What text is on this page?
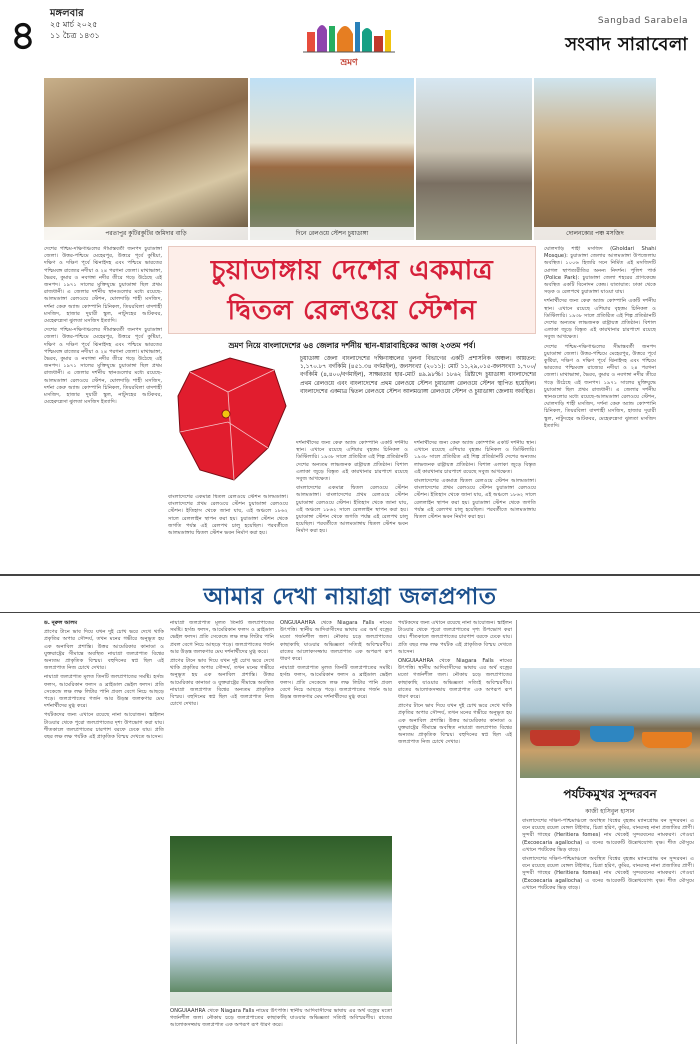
৪ মঙ্গলবার
২৫ মার্চ ২০২৫
১১ চৈত্র ১৪৩১
ভ্রমণ
Sangbad Sarabela
সংবাদ সারাবেলা
পরতাপুর কুটিরকুটির জমিদার বাড়ি	দিনে রেলওয়ে স্টেশন চুয়াডাঙ্গা	দোলনকোর পঞ্চ মসজিদ

দেশের পশ্চিম-দক্ষিণাঞ্চলের সীমান্তবর্তী জনপদ চুয়াডাঙ্গা জেলা। উত্তর-পশ্চিমে মেহেরপুর, উত্তরে পূর্বে কুষ্টিয়া, দক্ষিণ ও দক্ষিণ পূর্বে ঝিনাইদহ এবং পশ্চিমে ভারতের পশ্চিমবঙ্গ রাজ্যের নদীয়া ও ২৪ পরগনা জেলা। মাথাভাঙ্গা, ভৈরব, কুমার ও নবগঙ্গা নদীর তীরে গড়ে উঠেছে এই জনপদ। ১৯৭১ সালের মুক্তিযুদ্ধে চুয়াডাঙ্গা ছিল প্রথম রাজধানী। এ জেলার দর্শনীয় স্থানগুলোর মধ্যে রয়েছে-আলমডাঙ্গা রেলওয়ে স্টেশন, ঘোলদাড়ি শাহী মসজিদ, দর্শনা কেরু অ্যান্ড কোম্পানি চিনিকল, তিয়রবিলা বাদশাহী মসজিদ, হাজার দুয়ারী স্কুল, নাটুদহের আটকবর, মেহেরুন্নেসা ঝুলতা মসজিদ ইত্যাদি।

দেশের পশ্চিম-দক্ষিণাঞ্চলের সীমান্তবর্তী জনপদ চুয়াডাঙ্গা জেলা। উত্তর-পশ্চিমে মেহেরপুর, উত্তরে পূর্বে কুষ্টিয়া, দক্ষিণ ও দক্ষিণ পূর্বে ঝিনাইদহ এবং পশ্চিমে ভারতের পশ্চিমবঙ্গ রাজ্যের নদীয়া ও ২৪ পরগনা জেলা। মাথাভাঙ্গা, ভৈরব, কুমার ও নবগঙ্গা নদীর তীরে গড়ে উঠেছে এই জনপদ। ১৯৭১ সালের মুক্তিযুদ্ধে চুয়াডাঙ্গা ছিল প্রথম রাজধানী। এ জেলার দর্শনীয় স্থানগুলোর মধ্যে রয়েছে-আলমডাঙ্গা রেলওয়ে স্টেশন, ঘোলদাড়ি শাহী মসজিদ, দর্শনা কেরু অ্যান্ড কোম্পানি চিনিকল, তিয়রবিলা বাদশাহী মসজিদ, হাজার দুয়ারী স্কুল, নাটুদহের আটকবর, মেহেরুন্নেসা ঝুলতা মসজিদ ইত্যাদি।

চুয়াডাঙ্গায় দেশের একমাত্র
দ্বিতল রেলওয়ে স্টেশন
ভ্রমণ নিয়ে বাংলাদেশের ৬৪ জেলার দর্শনীয় স্থান-ধারাবাহিকের আজ ২৩তম পর্ব।
চুয়াডাঙ্গা জেলা বাংলাদেশের দক্ষিণাঞ্চলের খুলনা বিভাগের একটি প্রশাসনিক অঞ্চল। আয়তন: ১,১৭০.৮৭ বর্গকিমি (৪৫১.৩৪ বর্গমাইল), জনসংখ্যা (২০১১): মোট ১১,২৯,০১৫-জনসংখ্যা ১,৭০০/বর্গকিমি (৪,৪০০/বর্গমাইল), সাক্ষরতার হার-মোট ৪৯.৯৮%। ১৮৬২ খ্রিষ্টাব্দে চুয়াডাঙ্গা বাংলাদেশের প্রথম রেলওয়ে এবং বাংলাদেশের প্রথম রেলওয়ে স্টেশন চুয়াডাঙ্গা রেলওয়ে স্টেশন স্থাপিত হয়েছিল। বাংলাদেশের একমাত্র দ্বিতল রেলওয়ে স্টেশন আলমডাঙ্গা রেলওয়ে স্টেশন ও চুয়াডাঙ্গা জেলায় অবস্থিত।

বাংলাদেশের একমাত্র দ্বিতল রেলওয়ে স্টেশন আলমডাঙ্গা। বাংলাদেশের প্রথম রেলওয়ে স্টেশন চুয়াডাঙ্গা রেলওয়ে স্টেশন। ইতিহাস থেকে জানা যায়, এই অঞ্চলে ১৮৬২ সালে রেললাইন স্থাপন করা হয়। চুয়াডাঙ্গা স্টেশন থেকে জগতি পর্যন্ত এই রেলপথ চালু হয়েছিল। পরবর্তীতে আলমডাঙ্গায় দ্বিতল স্টেশন ভবন নির্মাণ করা হয়।

দর্শনার্থীদের জন্য কেরু অ্যান্ড কোম্পানি একটি দর্শনীয় স্থান। এখানে রয়েছে এশিয়ার বৃহত্তম চিনিকল ও ডিস্টিলারি। ১৯৩৮ সালে প্রতিষ্ঠিত এই শিল্প প্রতিষ্ঠানটি দেশের অন্যতম লাভজনক রাষ্ট্রায়ত্ত প্রতিষ্ঠান। বিশাল এলাকা জুড়ে বিস্তৃত এই কারখানার চারপাশে রয়েছে সবুজ আখক্ষেত।

বাংলাদেশের একমাত্র দ্বিতল রেলওয়ে স্টেশন আলমডাঙ্গা। বাংলাদেশের প্রথম রেলওয়ে স্টেশন চুয়াডাঙ্গা রেলওয়ে স্টেশন। ইতিহাস থেকে জানা যায়, এই অঞ্চলে ১৮৬২ সালে রেললাইন স্থাপন করা হয়। চুয়াডাঙ্গা স্টেশন থেকে জগতি পর্যন্ত এই রেলপথ চালু হয়েছিল। পরবর্তীতে আলমডাঙ্গায় দ্বিতল স্টেশন ভবন নির্মাণ করা হয়।

দর্শনার্থীদের জন্য কেরু অ্যান্ড কোম্পানি একটি দর্শনীয় স্থান। এখানে রয়েছে এশিয়ার বৃহত্তম চিনিকল ও ডিস্টিলারি। ১৯৩৮ সালে প্রতিষ্ঠিত এই শিল্প প্রতিষ্ঠানটি দেশের অন্যতম লাভজনক রাষ্ট্রায়ত্ত প্রতিষ্ঠান। বিশাল এলাকা জুড়ে বিস্তৃত এই কারখানার চারপাশে রয়েছে সবুজ আখক্ষেত।

বাংলাদেশের একমাত্র দ্বিতল রেলওয়ে স্টেশন আলমডাঙ্গা। বাংলাদেশের প্রথম রেলওয়ে স্টেশন চুয়াডাঙ্গা রেলওয়ে স্টেশন। ইতিহাস থেকে জানা যায়, এই অঞ্চলে ১৮৬২ সালে রেললাইন স্থাপন করা হয়। চুয়াডাঙ্গা স্টেশন থেকে জগতি পর্যন্ত এই রেলপথ চালু হয়েছিল। পরবর্তীতে আলমডাঙ্গায় দ্বিতল স্টেশন ভবন নির্মাণ করা হয়।

ঘোলদাড়ি শাহী মসজিদ (Gholdari Shahi Mosque): চুয়াডাঙ্গা জেলার আলমডাঙ্গা উপজেলায় অবস্থিত। ১০০৬ হিজরি সনে নির্মিত এই মসজিদটি মোগল স্থাপত্যরীতির অনন্য নিদর্শন। পুলিশ পার্ক (Police Park): চুয়াডাঙ্গা জেলা শহরের প্রাণকেন্দ্রে অবস্থিত একটি বিনোদন কেন্দ্র। যাতায়াত: ঢাকা থেকে সড়ক ও রেলপথে চুয়াডাঙ্গা যাওয়া যায়।

দর্শনার্থীদের জন্য কেরু অ্যান্ড কোম্পানি একটি দর্শনীয় স্থান। এখানে রয়েছে এশিয়ার বৃহত্তম চিনিকল ও ডিস্টিলারি। ১৯৩৮ সালে প্রতিষ্ঠিত এই শিল্প প্রতিষ্ঠানটি দেশের অন্যতম লাভজনক রাষ্ট্রায়ত্ত প্রতিষ্ঠান। বিশাল এলাকা জুড়ে বিস্তৃত এই কারখানার চারপাশে রয়েছে সবুজ আখক্ষেত।

দেশের পশ্চিম-দক্ষিণাঞ্চলের সীমান্তবর্তী জনপদ চুয়াডাঙ্গা জেলা। উত্তর-পশ্চিমে মেহেরপুর, উত্তরে পূর্বে কুষ্টিয়া, দক্ষিণ ও দক্ষিণ পূর্বে ঝিনাইদহ এবং পশ্চিমে ভারতের পশ্চিমবঙ্গ রাজ্যের নদীয়া ও ২৪ পরগনা জেলা। মাথাভাঙ্গা, ভৈরব, কুমার ও নবগঙ্গা নদীর তীরে গড়ে উঠেছে এই জনপদ। ১৯৭১ সালের মুক্তিযুদ্ধে চুয়াডাঙ্গা ছিল প্রথম রাজধানী। এ জেলার দর্শনীয় স্থানগুলোর মধ্যে রয়েছে-আলমডাঙ্গা রেলওয়ে স্টেশন, ঘোলদাড়ি শাহী মসজিদ, দর্শনা কেরু অ্যান্ড কোম্পানি চিনিকল, তিয়রবিলা বাদশাহী মসজিদ, হাজার দুয়ারী স্কুল, নাটুদহের আটকবর, মেহেরুন্নেসা ঝুলতা মসজিদ ইত্যাদি।

আমার দেখা নায়াগ্রা জলপ্রপাত

ড. নূরুল আলম

প্রাণের টানে ভাব দিয়ে যখন দুই চোখ ভরে দেখে থাকি প্রকৃতির অপার সৌন্দর্য, তখন মনের গভীরে অনুভূত হয় এক অনাবিল প্রশান্তি। উত্তর আমেরিকার কানাডা ও যুক্তরাষ্ট্রের সীমান্তে অবস্থিত নায়াগ্রা জলপ্রপাত বিশ্বের অন্যতম প্রাকৃতিক বিস্ময়। বহুদিনের স্বপ্ন ছিল এই জলপ্রপাত নিজ চোখে দেখার।

নায়াগ্রা জলপ্রপাত মূলত তিনটি জলপ্রপাতের সমষ্টি। হর্সশু ফলস, আমেরিকান ফলস ও ব্রাইডাল ভেইল ফলস। প্রতি সেকেন্ডে লক্ষ লক্ষ লিটার পানি প্রবল বেগে নিচে আছড়ে পড়ে। জলপ্রপাতের গর্জন আর উড়ন্ত জলকণার মেঘ দর্শনার্থীদের মুগ্ধ করে।

পর্যটকদের জন্য এখানে রয়েছে নানা আয়োজন। স্কাইলন টাওয়ার থেকে পুরো জলপ্রপাতের দৃশ্য উপভোগ করা যায়। শীতকালে জলপ্রপাতের চারপাশ বরফে ঢেকে যায়। প্রতি বছর লক্ষ লক্ষ পর্যটক এই প্রাকৃতিক বিস্ময় দেখতে আসেন।

নায়াগ্রা জলপ্রপাত মূলত তিনটি জলপ্রপাতের সমষ্টি। হর্সশু ফলস, আমেরিকান ফলস ও ব্রাইডাল ভেইল ফলস। প্রতি সেকেন্ডে লক্ষ লক্ষ লিটার পানি প্রবল বেগে নিচে আছড়ে পড়ে। জলপ্রপাতের গর্জন আর উড়ন্ত জলকণার মেঘ দর্শনার্থীদের মুগ্ধ করে।

প্রাণের টানে ভাব দিয়ে যখন দুই চোখ ভরে দেখে থাকি প্রকৃতির অপার সৌন্দর্য, তখন মনের গভীরে অনুভূত হয় এক অনাবিল প্রশান্তি। উত্তর আমেরিকার কানাডা ও যুক্তরাষ্ট্রের সীমান্তে অবস্থিত নায়াগ্রা জলপ্রপাত বিশ্বের অন্যতম প্রাকৃতিক বিস্ময়। বহুদিনের স্বপ্ন ছিল এই জলপ্রপাত নিজ চোখে দেখার।

ONGUIAAHRA থেকে Niagara Falls নামের উৎপত্তি। স্থানীয় আদিবাসীদের ভাষায় এর অর্থ বজ্রের মতো গর্জনশীল জল। নৌকায় চড়ে জলপ্রপাতের কাছাকাছি যাওয়ার অভিজ্ঞতা সত্যিই অবিস্মরণীয়। রাতের আলোকসজ্জায় জলপ্রপাত এক অপরূপ রূপ ধারণ করে।

নায়াগ্রা জলপ্রপাত মূলত তিনটি জলপ্রপাতের সমষ্টি। হর্সশু ফলস, আমেরিকান ফলস ও ব্রাইডাল ভেইল ফলস। প্রতি সেকেন্ডে লক্ষ লক্ষ লিটার পানি প্রবল বেগে নিচে আছড়ে পড়ে। জলপ্রপাতের গর্জন আর উড়ন্ত জলকণার মেঘ দর্শনার্থীদের মুগ্ধ করে।

পর্যটকদের জন্য এখানে রয়েছে নানা আয়োজন। স্কাইলন টাওয়ার থেকে পুরো জলপ্রপাতের দৃশ্য উপভোগ করা যায়। শীতকালে জলপ্রপাতের চারপাশ বরফে ঢেকে যায়। প্রতি বছর লক্ষ লক্ষ পর্যটক এই প্রাকৃতিক বিস্ময় দেখতে আসেন।

ONGUIAAHRA থেকে Niagara Falls নামের উৎপত্তি। স্থানীয় আদিবাসীদের ভাষায় এর অর্থ বজ্রের মতো গর্জনশীল জল। নৌকায় চড়ে জলপ্রপাতের কাছাকাছি যাওয়ার অভিজ্ঞতা সত্যিই অবিস্মরণীয়। রাতের আলোকসজ্জায় জলপ্রপাত এক অপরূপ রূপ ধারণ করে।

প্রাণের টানে ভাব দিয়ে যখন দুই চোখ ভরে দেখে থাকি প্রকৃতির অপার সৌন্দর্য, তখন মনের গভীরে অনুভূত হয় এক অনাবিল প্রশান্তি। উত্তর আমেরিকার কানাডা ও যুক্তরাষ্ট্রের সীমান্তে অবস্থিত নায়াগ্রা জলপ্রপাত বিশ্বের অন্যতম প্রাকৃতিক বিস্ময়। বহুদিনের স্বপ্ন ছিল এই জলপ্রপাত নিজ চোখে দেখার।

ONGUIAAHRA থেকে Niagara Falls নামের উৎপত্তি। স্থানীয় আদিবাসীদের ভাষায় এর অর্থ বজ্রের মতো গর্জনশীল জল। নৌকায় চড়ে জলপ্রপাতের কাছাকাছি যাওয়ার অভিজ্ঞতা সত্যিই অবিস্মরণীয়। রাতের আলোকসজ্জায় জলপ্রপাত এক অপরূপ রূপ ধারণ করে।

পর্যটকমুখর সুন্দরবন
কাজী হাসিবুল হাসান

বাংলাদেশের দক্ষিণ-পশ্চিমাঞ্চলে অবস্থিত বিশ্বের বৃহত্তম ম্যানগ্রোভ বন সুন্দরবন। এ বনে রয়েছে রয়েল বেঙ্গল টাইগার, চিত্রা হরিণ, কুমির, বানরসহ নানা প্রজাতির প্রাণী। সুন্দরী গাছের (Heritiera fomes) নাম থেকেই সুন্দরবনের নামকরণ। গেওয়া (Excoecaria agallocha) এ বনের আরেকটি উল্লেখযোগ্য বৃক্ষ। শীত মৌসুমে এখানে পর্যটকের ভিড় বাড়ে।

বাংলাদেশের দক্ষিণ-পশ্চিমাঞ্চলে অবস্থিত বিশ্বের বৃহত্তম ম্যানগ্রোভ বন সুন্দরবন। এ বনে রয়েছে রয়েল বেঙ্গল টাইগার, চিত্রা হরিণ, কুমির, বানরসহ নানা প্রজাতির প্রাণী। সুন্দরী গাছের (Heritiera fomes) নাম থেকেই সুন্দরবনের নামকরণ। গেওয়া (Excoecaria agallocha) এ বনের আরেকটি উল্লেখযোগ্য বৃক্ষ। শীত মৌসুমে এখানে পর্যটকের ভিড় বাড়ে।
